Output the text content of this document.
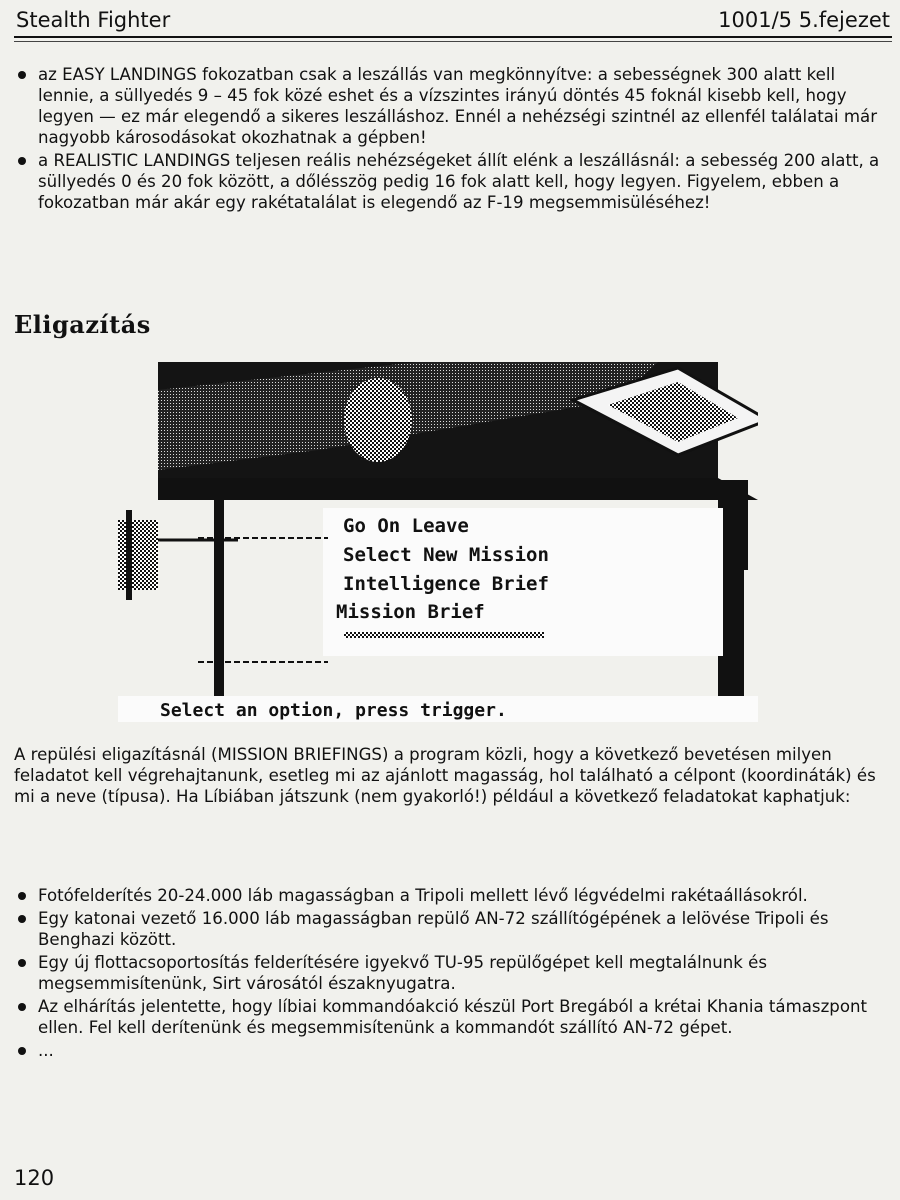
Stealth Fighter	1001/5 5.fejezet
az EASY LANDINGS fokozatban csak a leszállás van megkönnyítve: a sebességnek 300 alatt kell lennie, a süllyedés 9 – 45 fok közé eshet és a vízszintes irányú döntés 45 foknál kisebb kell, hogy legyen — ez már elegendő a sikeres leszálláshoz. Ennél a nehézségi szintnél az ellenfél találatai már nagyobb károsodásokat okozhatnak a gépben!
a REALISTIC LANDINGS teljesen reális nehézségeket állít elénk a leszállásnál: a sebesség 200 alatt, a süllyedés 0 és 20 fok között, a dőlésszög pedig 16 fok alatt kell, hogy legyen. Figyelem, ebben a fokozatban már akár egy rakétatalálat is elegendő az F-19 megsemmisüléséhez!
Eligazítás
Go On Leave
Select New Mission
Intelligence Brief
Mission Brief
Select an option, press trigger.

A repülési eligazításnál (MISSION BRIEFINGS) a program közli, hogy a következő bevetésen milyen feladatot kell végrehajtanunk, esetleg mi az ajánlott magasság, hol található a célpont (koordináták) és mi a neve (típusa). Ha Líbiában játszunk (nem gyakorló!) például a következő feladatokat kaphatjuk:

Fotófelderítés 20-24.000 láb magasságban a Tripoli mellett lévő légvédelmi rakétaállásokról.
Egy katonai vezető 16.000 láb magasságban repülő AN-72 szállítógépének a lelövése Tripoli és Benghazi között.
Egy új flottacsoportosítás felderítésére igyekvő TU-95 repülőgépet kell megtalálnunk és megsemmisítenünk, Sirt városától északnyugatra.
Az elhárítás jelentette, hogy líbiai kommandóakció készül Port Bregából a krétai Khania támaszpont ellen. Fel kell derítenünk és megsemmisítenünk a kommandót szállító AN-72 gépet.
...
120
